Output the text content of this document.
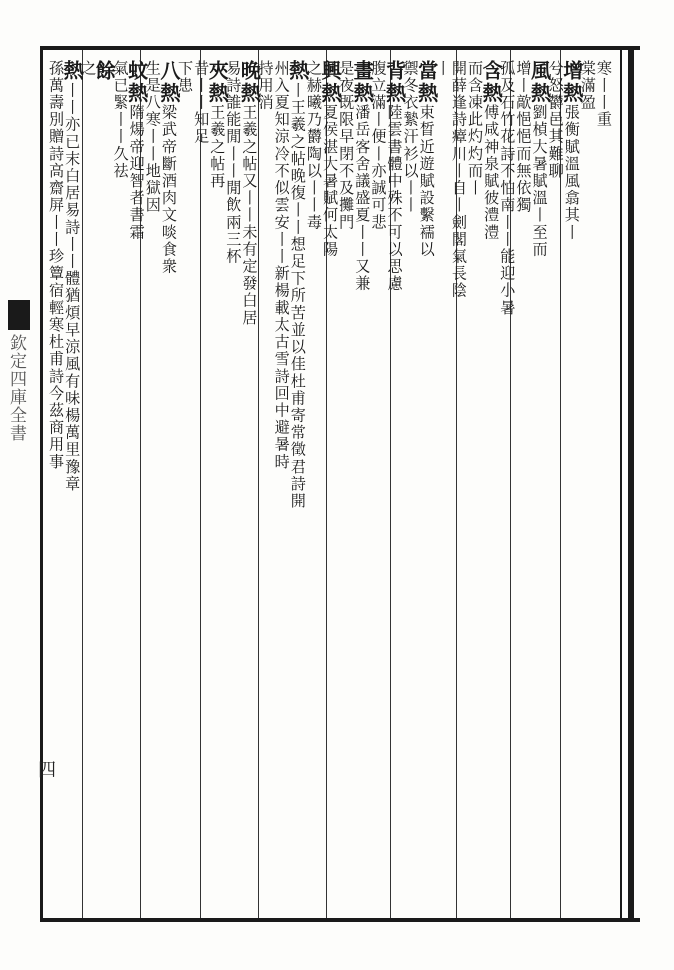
欽定四庫全書
四
寒丨丨重
棠滿盈
增熱張衡賦溫風翕其丨
兮怒欝邑其難聊
風熱劉楨大暑賦溫丨至而
增丨歊悒悒而無依獨
孤及石竹花詩不怕南丨丨能迎小暑
含熱傅咸神泉賦彼澧澧
而含凍此灼灼而丨
開薛逢詩瘴川丨自丨劍閣氣長陰
丨
當熱束晳近遊賦設繫襦以
禦冬衣縶汗衫以丨丨
背熱陸雲書體中殊不可以思慮
腹立滿丨便丨亦誠可悲
畫熱潘岳客舍議盛夏丨丨又兼
是夜既限早閉不及攤門
興熱夏侯湛大暑賦何太陽
之赫曦乃欝陶以丨丨毒
熱丨王羲之帖晚復丨丨想足下所苦並以佳杜甫寄常徵君詩開
州入夏知涼冷不似雲安丨丨新楊載太古雪詩回中避暑時
持用消
晚熱王羲之帖又丨丨未有定發白居
易詩誰能閒丨丨閒飲兩三杯
夾熱王羲之帖再
昔丨丨知足
下患
八熱梁武帝斷酒肉文啖食衆
生是八寒丨丨地獄因
蚊熱隋煬帝迎智者書霜
氣已緊丨丨久祛
餘
之
熱丨丨亦已末白居易詩丨丨體猶煩早涼風有味楊萬里豫章
孫萬壽別贈詩高齋屏丨丨珍簟宿輕寒杜甫詩今茲商用事
